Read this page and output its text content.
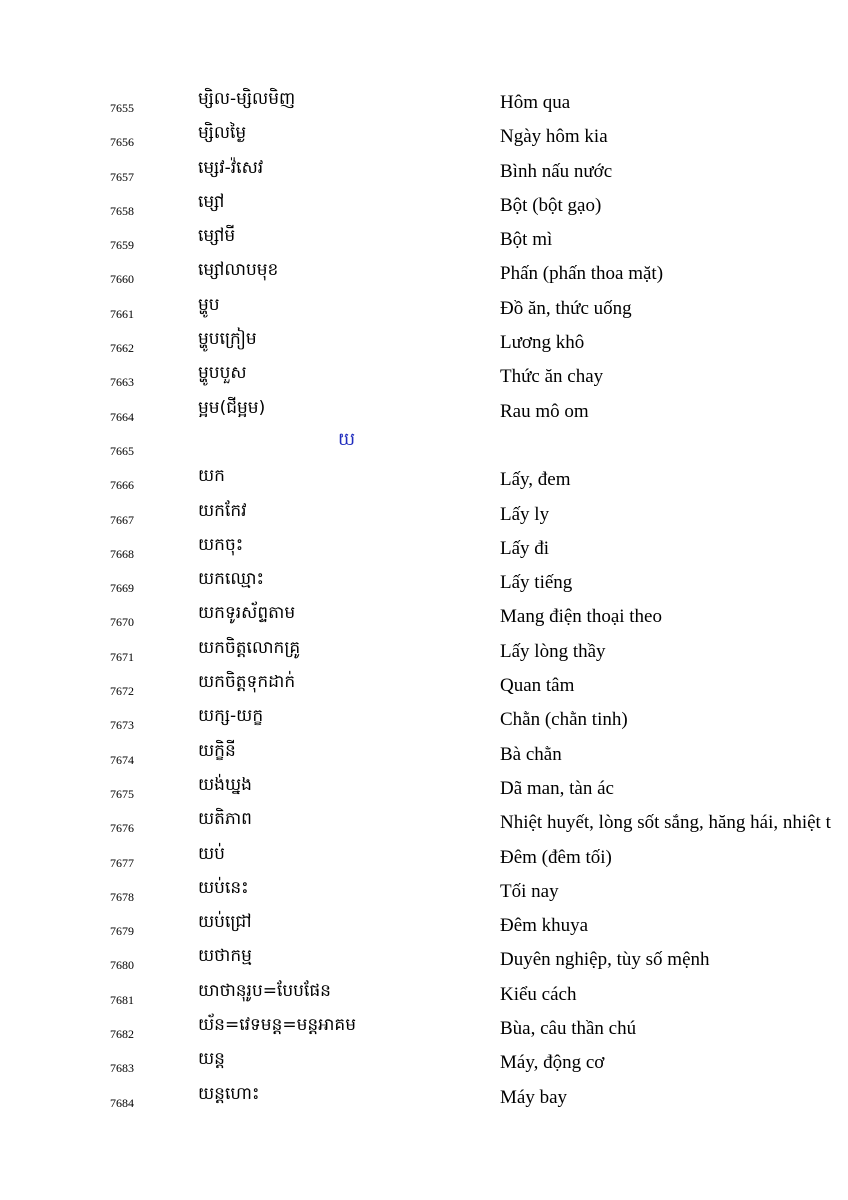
7655	ម្សិល-ម្សិលមិញ	Hôm qua
7656	ម្សិលម្ងៃ	Ngày hôm kia
7657	ម្សេវ-វ៉សេវ	Bình nấu nước
7658	ម្សៅ	Bột (bột gạo)
7659	ម្សៅមី	Bột mì
7660	ម្សៅលាបមុខ	Phấn (phấn thoa mặt)
7661	ម្ហូប	Đồ ăn, thức uống
7662	ម្ហូបក្រៀម	Lương khô
7663	ម្ហូបបួស	Thức ăn chay
7664	ម្អម(ជីម្អម)	Rau mô om
7665
យ
7666	យក	Lấy, đem
7667	យកកែវ	Lấy ly
7668	យកចុះ	Lấy đi
7669	យកឈ្មោះ	Lấy tiếng
7670	យកទូរស័ព្ទតាម	Mang điện thoại theo
7671	យកចិត្តលោកគ្រូ	Lấy lòng thầy
7672	យកចិត្តទុកដាក់	Quan tâm
7673	យក្ស-យក្ខ	Chằn (chằn tinh)
7674	យក្ខិនី	Bà chằn
7675	យង់ឃ្នង	Dã man, tàn ác
7676	យតិភាព	Nhiệt huyết, lòng sốt sắng, hăng hái, nhiệt t
7677	យប់	Đêm (đêm tối)
7678	យប់នេះ	Tối nay
7679	យប់ជ្រៅ	Đêm khuya
7680	យថាកម្ម	Duyên nghiệp, tùy số mệnh
7681	យាថានុរូប=បែបផែន	Kiểu cách
7682	យ័ន=វេទមន្ត=មន្តអាគម	Bùa, câu thần chú
7683	យន្ត	Máy, động cơ
7684	យន្តហោះ	Máy bay
